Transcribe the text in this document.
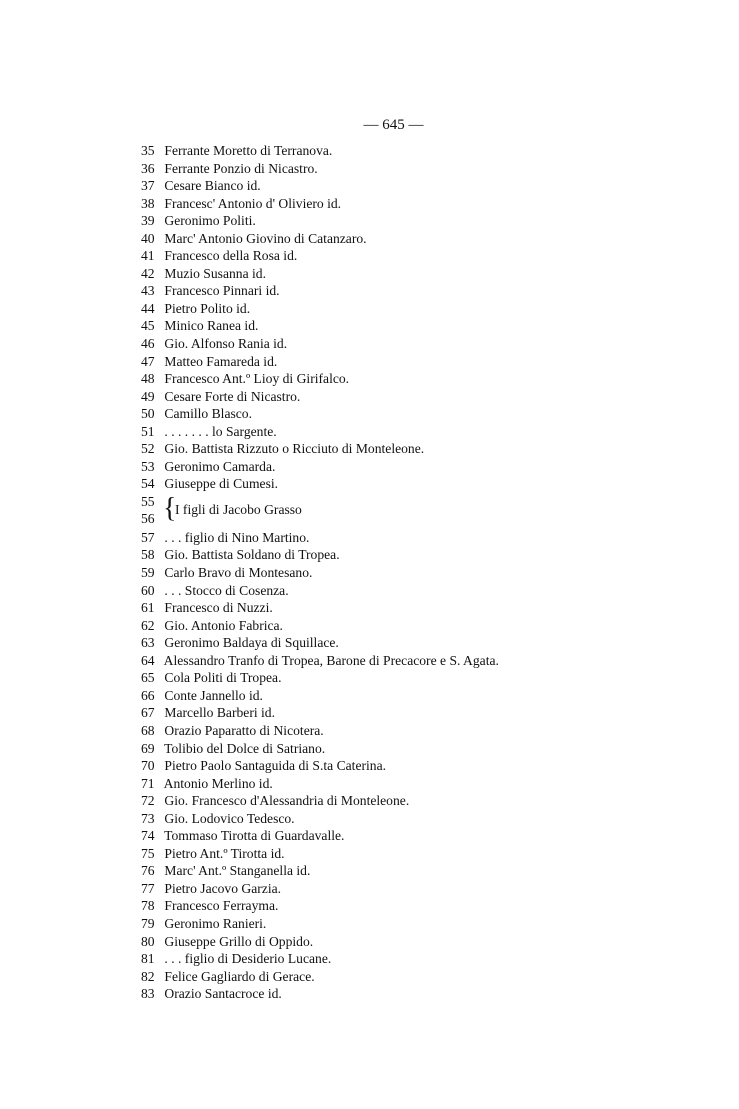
— 645 —
35 Ferrante Moretto di Terranova.
36 Ferrante Ponzio di Nicastro.
37 Cesare Bianco id.
38 Francesc' Antonio d' Oliviero id.
39 Geronimo Politi.
40 Marc' Antonio Giovino di Catanzaro.
41 Francesco della Rosa id.
42 Muzio Susanna id.
43 Francesco Pinnari id.
44 Pietro Polito id.
45 Minico Ranea id.
46 Gio. Alfonso Rania id.
47 Matteo Famareda id.
48 Francesco Ant.º Lioy di Girifalco.
49 Cesare Forte di Nicastro.
50 Camillo Blasco.
51 . . . . . . . lo Sargente.
52 Gio. Battista Rizzuto o Ricciuto di Monteleone.
53 Geronimo Camarda.
54 Giuseppe di Cumesi.
55
56 {
I figli di Jacobo Grasso
57 . . . figlio di Nino Martino.
58 Gio. Battista Soldano di Tropea.
59 Carlo Bravo di Montesano.
60 . . . Stocco di Cosenza.
61 Francesco di Nuzzi.
62 Gio. Antonio Fabrica.
63 Geronimo Baldaya di Squillace.
64 Alessandro Tranfo di Tropea, Barone di Precacore e S. Agata.
65 Cola Politi di Tropea.
66 Conte Jannello id.
67 Marcello Barberi id.
68 Orazio Paparatto di Nicotera.
69 Tolibio del Dolce di Satriano.
70 Pietro Paolo Santaguida di S.ta Caterina.
71 Antonio Merlino id.
72 Gio. Francesco d'Alessandria di Monteleone.
73 Gio. Lodovico Tedesco.
74 Tommaso Tirotta di Guardavalle.
75 Pietro Ant.º Tirotta id.
76 Marc' Ant.º Stanganella id.
77 Pietro Jacovo Garzia.
78 Francesco Ferrayma.
79 Geronimo Ranieri.
80 Giuseppe Grillo di Oppido.
81 . . . figlio di Desiderio Lucane.
82 Felice Gagliardo di Gerace.
83 Orazio Santacroce id.
